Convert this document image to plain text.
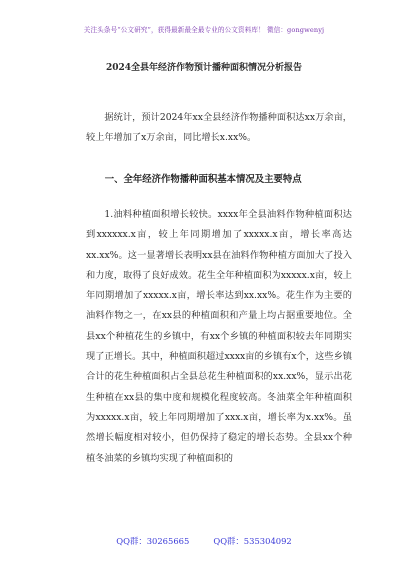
关注头条号“公文研究”，获得最新最全最专业的公文资料库！ 微信：gongwenyj
2024全县年经济作物预计播种面积情况分析报告
据统计，预计2024年xx全县经济作物播种面积达xx万余亩，较上年增加了x万余亩，同比增长x.xx%。
一、全年经济作物播种面积基本情况及主要特点
1.油料种植面积增长较快。xxxx年全县油料作物种植面积达到xxxxxx.x亩，较上年同期增加了xxxxx.x亩，增长率高达xx.xx%。这一显著增长表明xx县在油料作物种植方面加大了投入和力度，取得了良好成效。花生全年种植面积为xxxxx.x亩，较上年同期增加了xxxxx.x亩，增长率达到xx.xx%。花生作为主要的油料作物之一，在xx县的种植面积和产量上均占据重要地位。全县xx个种植花生的乡镇中，有xx个乡镇的种植面积较去年同期实现了正增长。其中，种植面积超过xxxx亩的乡镇有x个，这些乡镇合计的花生种植面积占全县总花生种植面积的xx.xx%，显示出花生种植在xx县的集中度和规模化程度较高。冬油菜全年种植面积为xxxxx.x亩，较上年同期增加了xxx.x亩，增长率为x.xx%。虽然增长幅度相对较小，但仍保持了稳定的增长态势。全县xx个种植冬油菜的乡镇均实现了种植面积的
QQ群：30265665	QQ群：535304092
